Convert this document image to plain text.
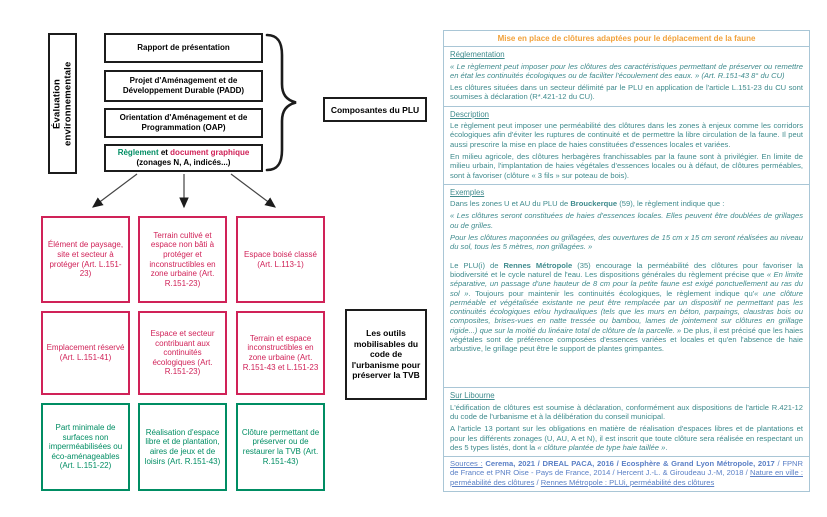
Évaluation environnementale
Rapport de présentation
Projet d'Aménagement et de Développement Durable (PADD)
Orientation d'Aménagement et de Programmation (OAP)
Règlement et document graphique
(zonages N, A, indicés...)
Composantes du PLU
Élément de paysage, site et secteur à protéger (Art. L.151-23)
Terrain cultivé et espace non bâti à protéger et inconstructibles en zone urbaine (Art. R.151-23)
Espace boisé classé (Art. L.113-1)
Emplacement réservé (Art. L.151-41)
Espace et secteur contribuant aux continuités écologiques (Art. R.151-23)
Terrain et espace inconstructibles en zone urbaine (Art. R.151-43 et L.151-23
Part minimale de surfaces non imperméabilisées ou éco-aménageables (Art. L.151-22)
Réalisation d'espace libre et de plantation, aires de jeux et de loisirs (Art. R.151-43)
Clôture permettant de préserver ou de restaurer la TVB (Art. R.151-43)
Les outils mobilisables du code de l'urbanisme pour préserver la TVB
Mise en place de clôtures adaptées pour le déplacement de la faune
Réglementation

« Le règlement peut imposer pour les clôtures des caractéristiques permettant de préserver ou remettre en état les continuités écologiques ou de faciliter l'écoulement des eaux. » (Art. R.151-43 8° du CU)

Les clôtures situées dans un secteur délimité par le PLU en application de l'article L.151-23 du CU sont soumises à déclaration (R*.421-12 du CU).

Description

Le règlement peut imposer une perméabilité des clôtures dans les zones à enjeux comme les corridors écologiques afin d'éviter les ruptures de continuité et de permettre la libre circulation de la faune. Il peut aussi prescrire la mise en place de haies constituées d'essences locales et variées.

En milieu agricole, des clôtures herbagères franchissables par la faune sont à privilégier. En limite de milieu urbain, l'implantation de haies végétales d'essences locales ou à défaut, de clôtures perméables, sont à favoriser (clôture « 3 fils » sur poteau de bois).

Exemples

Dans les zones U et AU du PLU de Brouckerque (59), le règlement indique que :

« Les clôtures seront constituées de haies d'essences locales. Elles peuvent être doublées de grillages ou de grilles.

Pour les clôtures maçonnées ou grillagées, des ouvertures de 15 cm x 15 cm seront réalisées au niveau du sol, tous les 5 mètres, non grillagées. »

Le PLU(i) de Rennes Métropole (35) encourage la perméabilité des clôtures pour favoriser la biodiversité et le cycle naturel de l'eau. Les dispositions générales du règlement précise que « En limite séparative, un passage d'une hauteur de 8 cm pour la petite faune est exigé ponctuellement au ras du sol ». Toujours pour maintenir les continuités écologiques, le règlement indique qu'« une clôture perméable et végétalisée existante ne peut être remplacée par un dispositif ne permettant pas les continuités écologiques et/ou hydrauliques (tels que les murs en béton, parpaings, claustras bois ou composites, brises-vues en natte tressée ou bambou, lames de jointement sur clôtures en grillage rigide...) que sur la moitié du linéaire total de clôture de la parcelle. » De plus, il est précisé que les haies végétales sont de préférence composées d'essences variées et locales et qu'en l'absence de haie arbustive, le grillage peut être le support de plantes grimpantes.

Sur Libourne

L'édification de clôtures est soumise à déclaration, conformément aux dispositions de l'article R.421-12 du code de l'urbanisme et à la délibération du conseil municipal.

A l'article 13 portant sur les obligations en matière de réalisation d'espaces libres et de plantations et pour les différents zonages (U, AU, A et N), il est inscrit que toute clôture sera réalisée en respectant un des 5 types listés, dont la « clôture plantée de type haie taillée ».

Sources : Cerema, 2021 / DREAL PACA, 2016 / Ecosphère & Grand Lyon Métropole, 2017 / FPNR de France et PNR Oise - Pays de France, 2014 / Hercent J.-L. & Giroudeau J.-M, 2018 / Nature en ville : perméabilité des clôtures / Rennes Métropole : PLUi, perméabilité des clôtures
